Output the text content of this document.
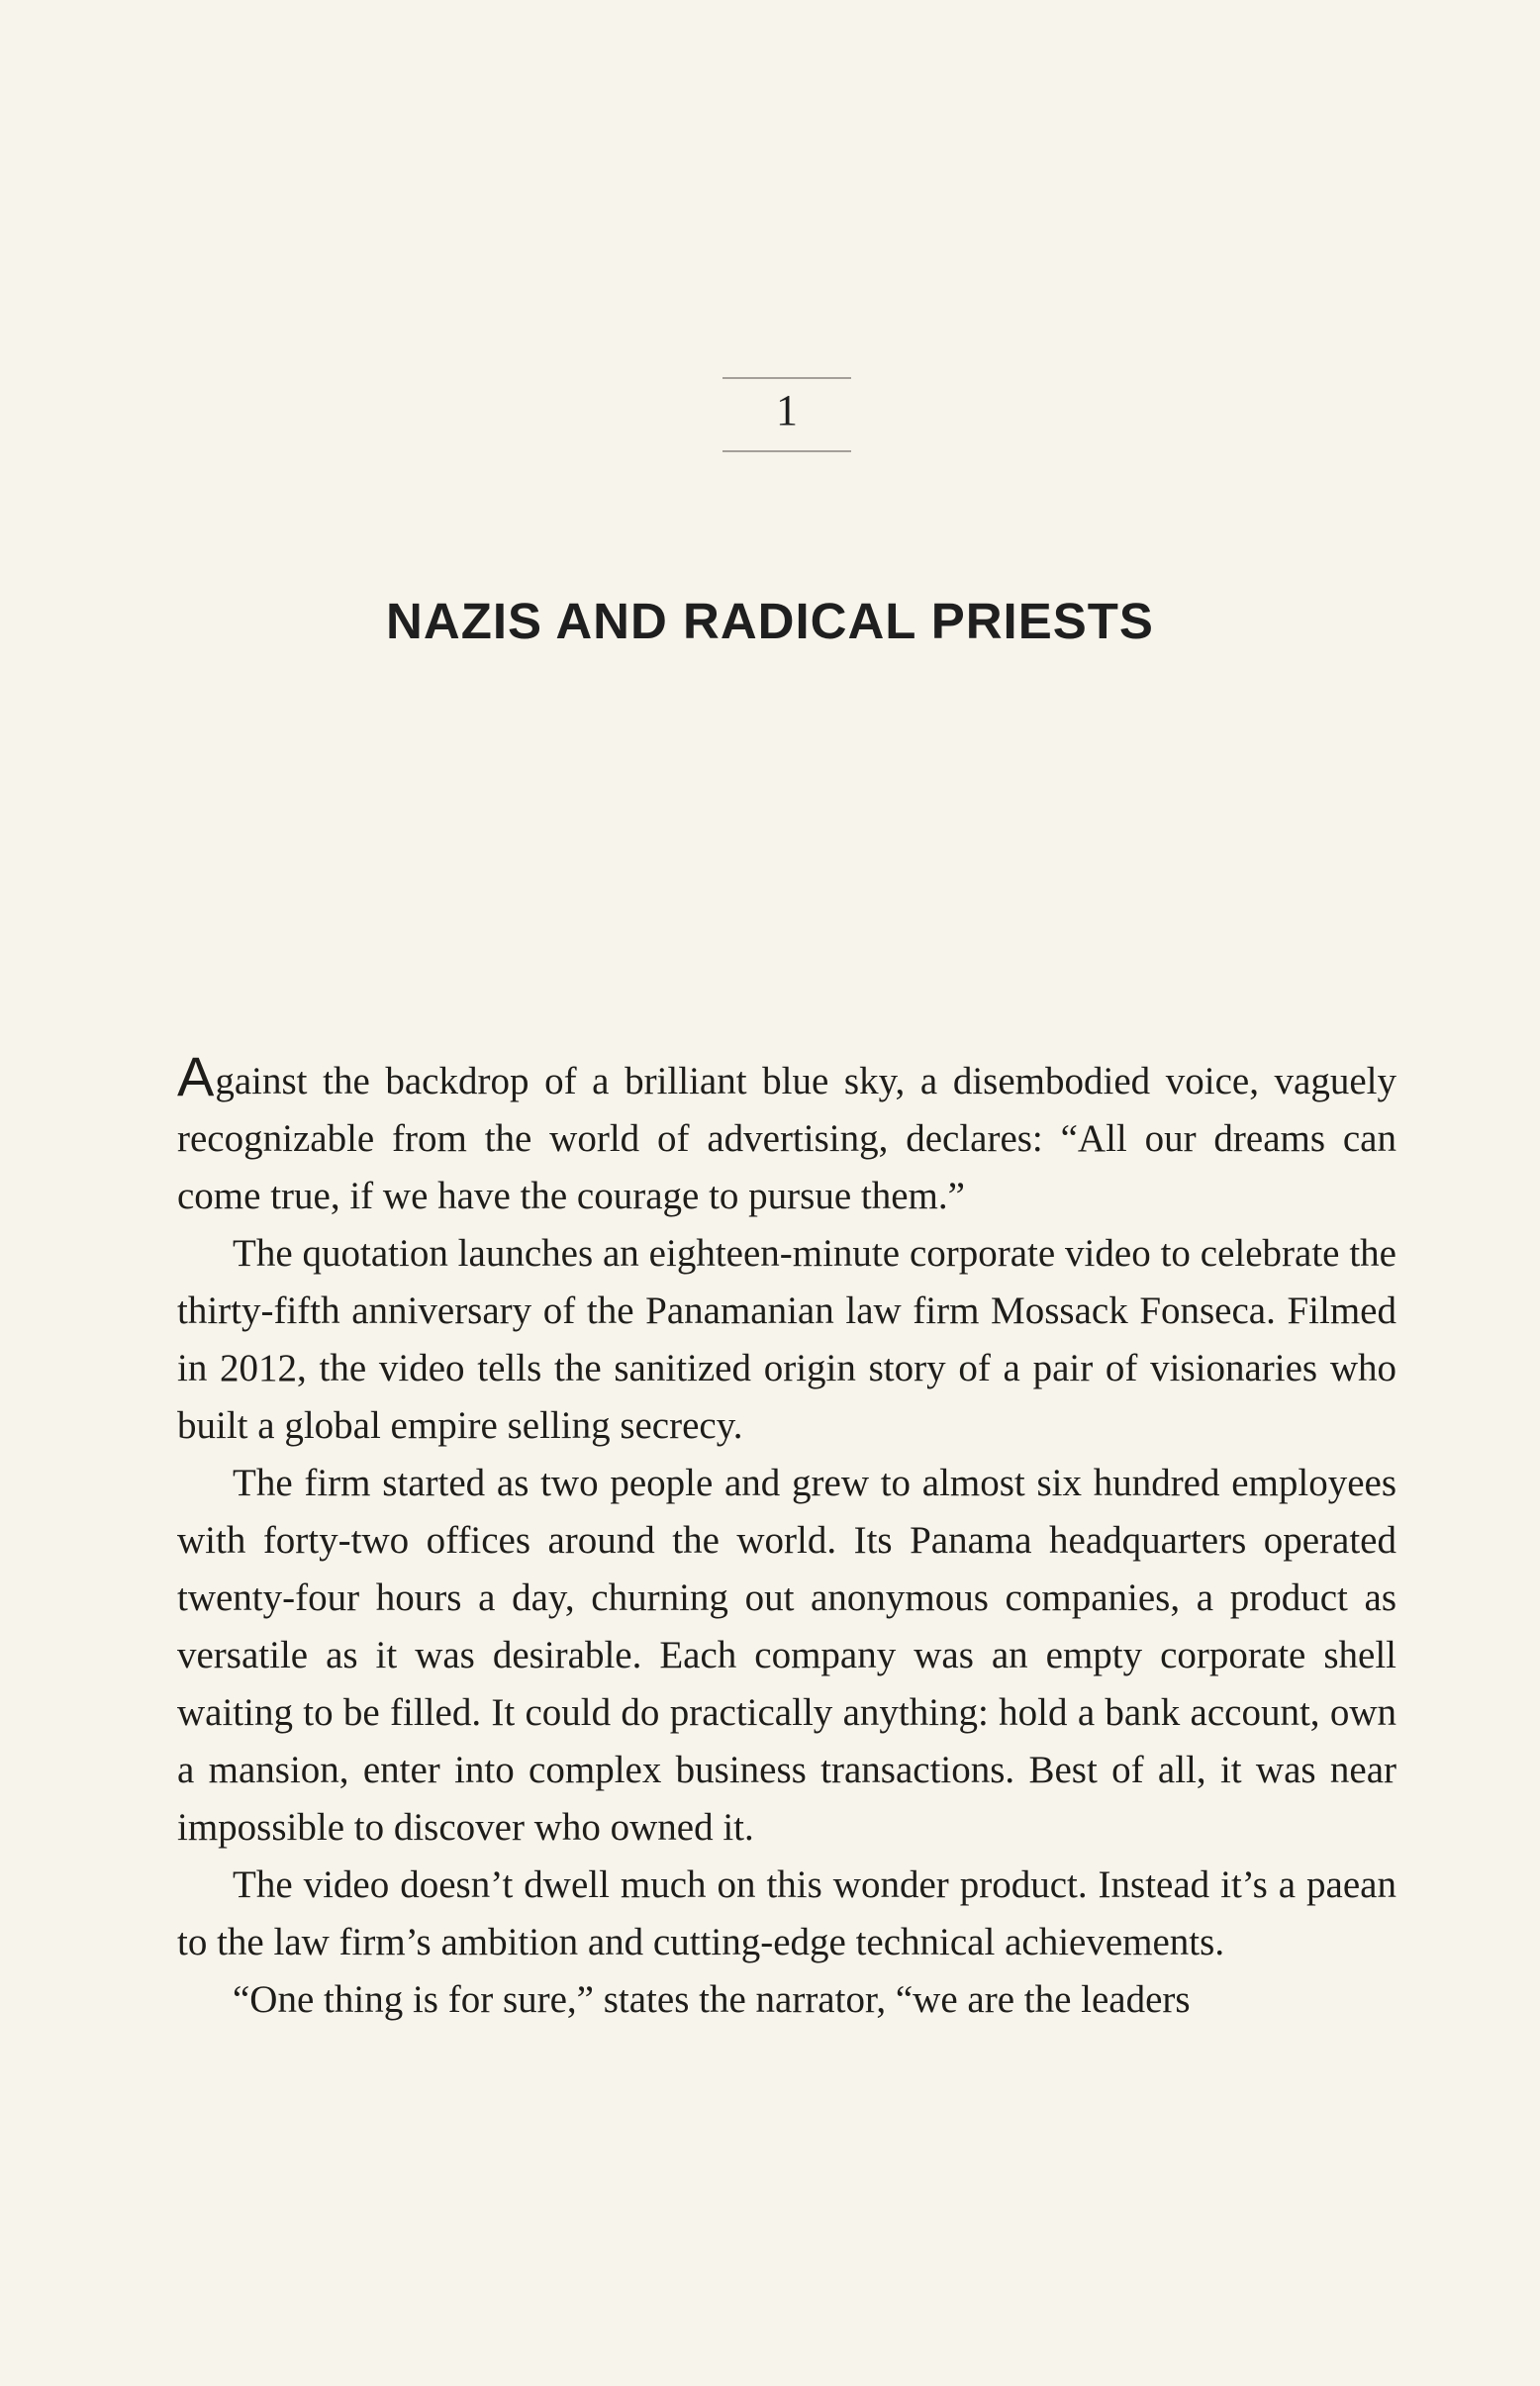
1
NAZIS AND RADICAL PRIESTS

Against the backdrop of a brilliant blue sky, a disembodied voice, vaguely recognizable from the world of advertising, declares: “All our dreams can come true, if we have the courage to pursue them.”

The quotation launches an eighteen-minute corporate video to celebrate the thirty-fifth anniversary of the Panamanian law firm Mossack Fonseca. Filmed in 2012, the video tells the sanitized origin story of a pair of visionaries who built a global empire selling secrecy.

The firm started as two people and grew to almost six hundred employees with forty-two offices around the world. Its Panama headquarters operated twenty-four hours a day, churning out anonymous companies, a product as versatile as it was desirable. Each company was an empty corporate shell waiting to be filled. It could do practically anything: hold a bank account, own a mansion, enter into complex business transactions. Best of all, it was near impossible to discover who owned it.

The video doesn’t dwell much on this wonder product. Instead it’s a paean to the law firm’s ambition and cutting-edge technical achievements.

“One thing is for sure,” states the narrator, “we are the leaders
